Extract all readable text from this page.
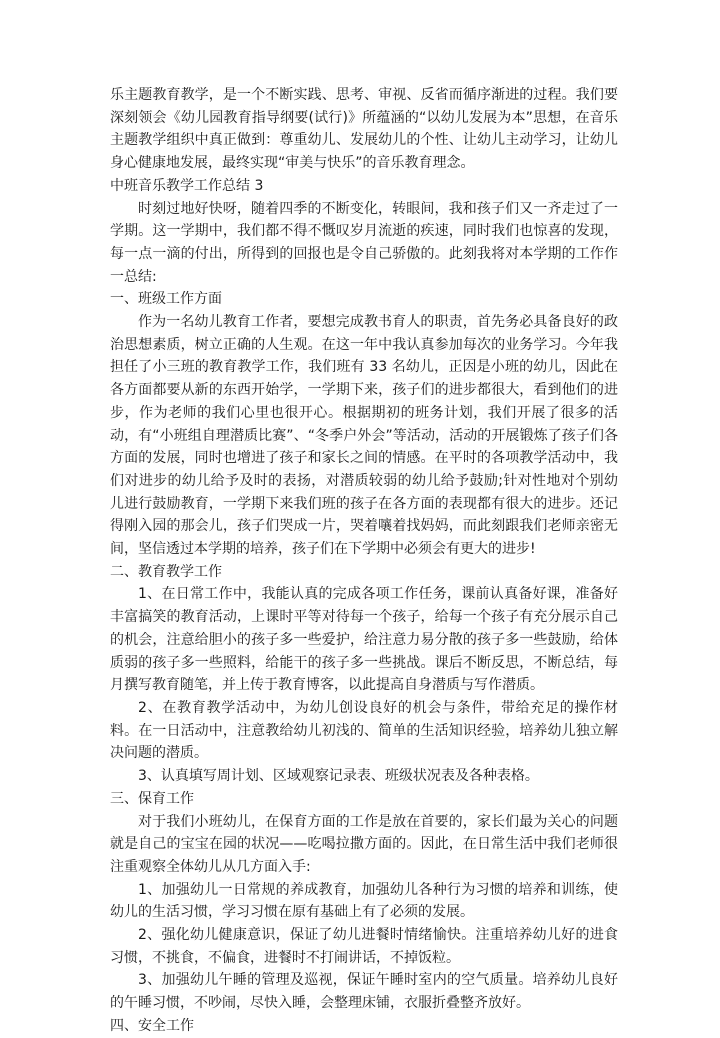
乐主题教育教学，是一个不断实践、思考、审视、反省而循序渐进的过程。我们要深刻领会《幼儿园教育指导纲要(试行)》所蕴涵的“以幼儿发展为本”思想，在音乐主题教学组织中真正做到：尊重幼儿、发展幼儿的个性、让幼儿主动学习，让幼儿身心健康地发展，最终实现“审美与快乐”的音乐教育理念。

中班音乐教学工作总结 3

时刻过地好快呀，随着四季的不断变化，转眼间，我和孩子们又一齐走过了一学期。这一学期中，我们都不得不慨叹岁月流逝的疾速，同时我们也惊喜的发现，每一点一滴的付出，所得到的回报也是令自己骄傲的。此刻我将对本学期的工作作一总结:

一、班级工作方面

作为一名幼儿教育工作者，要想完成教书育人的职责，首先务必具备良好的政治思想素质，树立正确的人生观。在这一年中我认真参加每次的业务学习。今年我担任了小三班的教育教学工作，我们班有 33 名幼儿，正因是小班的幼儿，因此在各方面都要从新的东西开始学，一学期下来，孩子们的进步都很大，看到他们的进步，作为老师的我们心里也很开心。根据期初的班务计划，我们开展了很多的活动，有“小班组自理潜质比赛”、“冬季户外会”等活动，活动的开展锻炼了孩子们各方面的发展，同时也增进了孩子和家长之间的情感。在平时的各项教学活动中，我们对进步的幼儿给予及时的表扬，对潜质较弱的幼儿给予鼓励;针对性地对个别幼儿进行鼓励教育，一学期下来我们班的孩子在各方面的表现都有很大的进步。还记得刚入园的那会儿，孩子们哭成一片，哭着嚷着找妈妈，而此刻跟我们老师亲密无间，坚信透过本学期的培养，孩子们在下学期中必须会有更大的进步!

二、教育教学工作

1、在日常工作中，我能认真的完成各项工作任务，课前认真备好课，准备好丰富搞笑的教育活动，上课时平等对待每一个孩子，给每一个孩子有充分展示自己的机会，注意给胆小的孩子多一些爱护，给注意力易分散的孩子多一些鼓励，给体质弱的孩子多一些照料，给能干的孩子多一些挑战。课后不断反思，不断总结，每月撰写教育随笔，并上传于教育博客，以此提高自身潜质与写作潜质。

2、在教育教学活动中，为幼儿创设良好的机会与条件，带给充足的操作材料。在一日活动中，注意教给幼儿初浅的、简单的生活知识经验，培养幼儿独立解决问题的潜质。

3、认真填写周计划、区域观察记录表、班级状况表及各种表格。

三、保育工作

对于我们小班幼儿，在保育方面的工作是放在首要的，家长们最为关心的问题就是自己的宝宝在园的状况——吃喝拉撒方面的。因此，在日常生活中我们老师很注重观察全体幼儿从几方面入手:

1、加强幼儿一日常规的养成教育，加强幼儿各种行为习惯的培养和训练，使幼儿的生活习惯，学习习惯在原有基础上有了必须的发展。

2、强化幼儿健康意识，保证了幼儿进餐时情绪愉快。注重培养幼儿好的进食习惯，不挑食，不偏食，进餐时不打闹讲话，不掉饭粒。

3、加强幼儿午睡的管理及巡视，保证午睡时室内的空气质量。培养幼儿良好的午睡习惯，不吵闹，尽快入睡，会整理床铺，衣服折叠整齐放好。

四、安全工作
